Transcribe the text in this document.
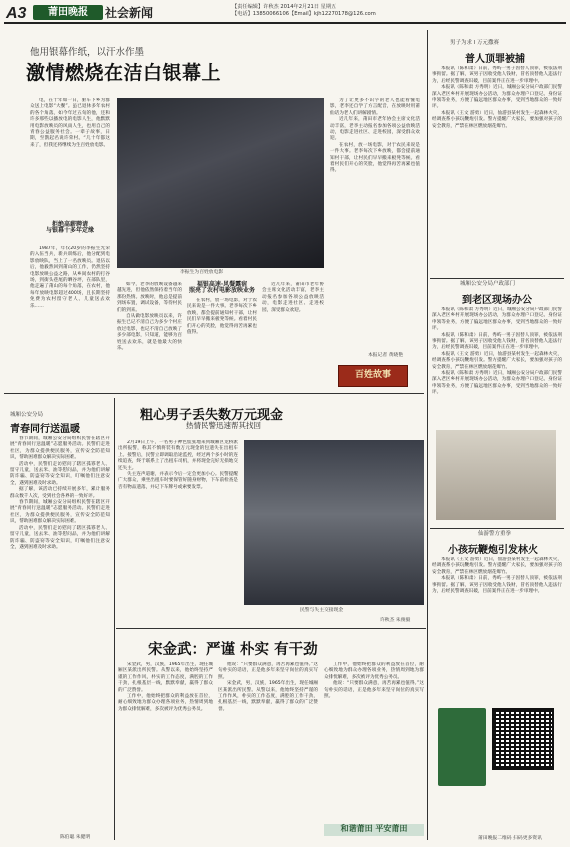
A3	莆田晚报	社会新闻	【责任编辑】许秋杰 2014年2月21日 星期五
【电话】13850066106【Email】kjh12270178@126.com
他用银幕作纸，以汗水作墨
激情燃烧在洁白银幕上

电，在十年如一日，驱车下乡为群众送上电影“大餐”。虽已退休多年农村的各个角落，如今年过五旬的他，还和许多那些以播放电的电影人生，他默默用电影放映员的风雨人生，也用自己的青春公益服务社会。一辈子故事，日期，至鹊起名说许荣村。“几十年都这来了，但我还将继续为生百姓放电影。

拒绝高薪聘请
与银幕十多年定缘

1987年，年仅20岁的李振生光荣的入伍当兵，新兵训练后，他分配到电影放映队，当上了一名放映员。退伍以后，他毅然回到莆山的工作，仍然坚持电影放映公益之路，从乡间农村的打谷场，到街头巷尾的晒谷坪，在部队里，他走遍了莆山的每个角落，在农村，他每年放映电影超过400场，且长期坚持免费为农村留守老人、儿童送去欢乐……

李振生为百姓放电影

如今，老李的放映设备越来越先进，但他依然保持着当年的那份热情。放映时，他总是提前到场布置，调试设备，等待村民们的到来。

自从做电影放映员以来，许振生已记不清自己为多少个村庄放过电影，也记不清自己放映了多少部电影，只知道，能够为百姓送去欢乐，就是他最大的快乐。

福银高速·风餐露宿
照亮了农村电影放映业务

在农村，放一场电影，对于农民来说是一件大事。老李每次下乡放映，都会提前通知村干部，让村民们早早搬来板凳等候。看着村民们开心的笑脸，他觉得再苦再累也值得。

近几年来，莆田市老年协会主席文化活动丰富，老李主动报名参加各项公益放映活动，电影走进社区、走进校园，深受群众欢迎。

为了让更多不识字的老人也能看懂电影，老李还自学了方言配音，在放映时用莆仙话为老人们讲解剧情。

近几年来，莆田市老年协会主席文化活动丰富，老李主动报名参加各项公益放映活动，电影走进社区、走进校园，深受群众欢迎。

在农村，放一场电影，对于农民来说是一件大事。老李每次下乡放映，都会提前通知村干部，让村民们早早搬来板凳等候。看着村民们开心的笑脸，他觉得再苦再累也值得。

本报记者 黄晓艳
百姓故事
城厢公安分局
青春同行送温暖

春节期间，城厢公安分局组织民警在辖区开展“青春同行送温暖”志愿服务活动。民警们走进社区，为群众提供便民服务，宣传安全防范知识，帮助困难群众解决实际困难。

活动中，民警们走访慰问了辖区孤寡老人、留守儿童，送去米、油等慰问品，并为他们讲解防诈骗、防盗窃等安全知识，叮嘱他们注意安全，遇到困难及时求助。

据了解，该活动已持续开展多年，累计服务群众数千人次，受到社会各界的一致好评。

春节期间，城厢公安分局组织民警在辖区开展“青春同行送温暖”志愿服务活动。民警们走进社区，为群众提供便民服务，宣传安全防范知识，帮助困难群众解决实际困难。

活动中，民警们走访慰问了辖区孤寡老人、留守儿童，送去米、油等慰问品，并为他们讲解防诈骗、防盗窃等安全知识，叮嘱他们注意安全，遇到困难及时求助。

陈伯聪 朱健明
粗心男子丢失数万元现金
热情民警迅速帮其找回

2月19日上午，一名男子神色慌张地来到城厢区龙桥派出所报警，称其不慎将装有数万元现金的包遗失在出租车上。接警后，民警立即调取沿途监控，经过两个多小时的连续追查，终于联系上了出租车司机，并将现金完好无损地交还失主。

失主连声道谢，并表示今后一定会更加小心。民警提醒广大群众，乘坐出租车时要保管好随身财物，下车前检查是否有物品遗落，并记下车牌号或索要发票。

民警与失主交接现金
许秋杰 朱俊毅
宋金武：严谨 朴实 有干劲

宋金武，男，汉族，1965年出生，现任城厢区某派出所民警。从警以来，他始终坚持严谨的工作作风，朴实的工作态度，满腔的工作干劲，扎根基层一线，默默奉献，赢得了群众的广泛赞誉。

工作中，他始终把群众的利益放在首位，耐心细致地为群众办理各项业务，热情周到地为群众排忧解难，多次被评为优秀公务员。

他说：“只要群众满意，再苦再累也值得。”这句朴实的话语，正是他多年来坚守岗位的真实写照。

宋金武，男，汉族，1965年出生，现任城厢区某派出所民警。从警以来，他始终坚持严谨的工作作风，朴实的工作态度，满腔的工作干劲，扎根基层一线，默默奉献，赢得了群众的广泛赞誉。

工作中，他始终把群众的利益放在首位，耐心细致地为群众办理各项业务，热情周到地为群众排忧解难，多次被评为优秀公务员。

他说：“只要群众满意，再苦再累也值得。”这句朴实的话语，正是他多年来坚守岗位的真实写照。

和谐莆田 平安莆田
男子为求 l 万元撒赛
普人顶罪被捕

本报讯（陈和肃）日前，秀屿一男子因替人顶罪，被依法刑事拘留。据了解，该男子因收受他人钱财，冒名顶替他人违法行为，后经民警调查识破，目前案件正在进一步审理中。

本报讯（陈和肃 方秀明）近日，城厢公安分局户政部门民警深入老区乡村开展现场办公活动，为群众办理户口登记、身份证申领等业务，方便了偏远地区群众办事，受到当地群众的一致好评。

本报讯（王文 游勇）近日，仙游县某村发生一起森林火灾，经调查系小孩玩鞭炮引发。警方提醒广大家长，要加强对孩子的安全教育，严禁在林区燃放烟花爆竹。

城厢公安分局户政部门
到老区现场办公

本报讯（陈和肃 方秀明）近日，城厢公安分局户政部门民警深入老区乡村开展现场办公活动，为群众办理户口登记、身份证申领等业务，方便了偏远地区群众办事，受到当地群众的一致好评。

本报讯（陈和肃）日前，秀屿一男子因替人顶罪，被依法刑事拘留。据了解，该男子因收受他人钱财，冒名顶替他人违法行为，后经民警调查识破，目前案件正在进一步审理中。

本报讯（王文 游勇）近日，仙游县某村发生一起森林火灾，经调查系小孩玩鞭炮引发。警方提醒广大家长，要加强对孩子的安全教育，严禁在林区燃放烟花爆竹。

本报讯（陈和肃 方秀明）近日，城厢公安分局户政部门民警深入老区乡村开展现场办公活动，为群众办理户口登记、身份证申领等业务，方便了偏远地区群众办事，受到当地群众的一致好评。

仙游警方重拳
小孩玩鞭炮引发林火

本报讯（王文 游勇）近日，仙游县某村发生一起森林火灾，经调查系小孩玩鞭炮引发。警方提醒广大家长，要加强对孩子的安全教育，严禁在林区燃放烟花爆竹。

本报讯（陈和肃）日前，秀屿一男子因替人顶罪，被依法刑事拘留。据了解，该男子因收受他人钱财，冒名顶替他人违法行为，后经民警调查识破，目前案件正在进一步审理中。

莆田晚报二维码 扫码更多资讯
